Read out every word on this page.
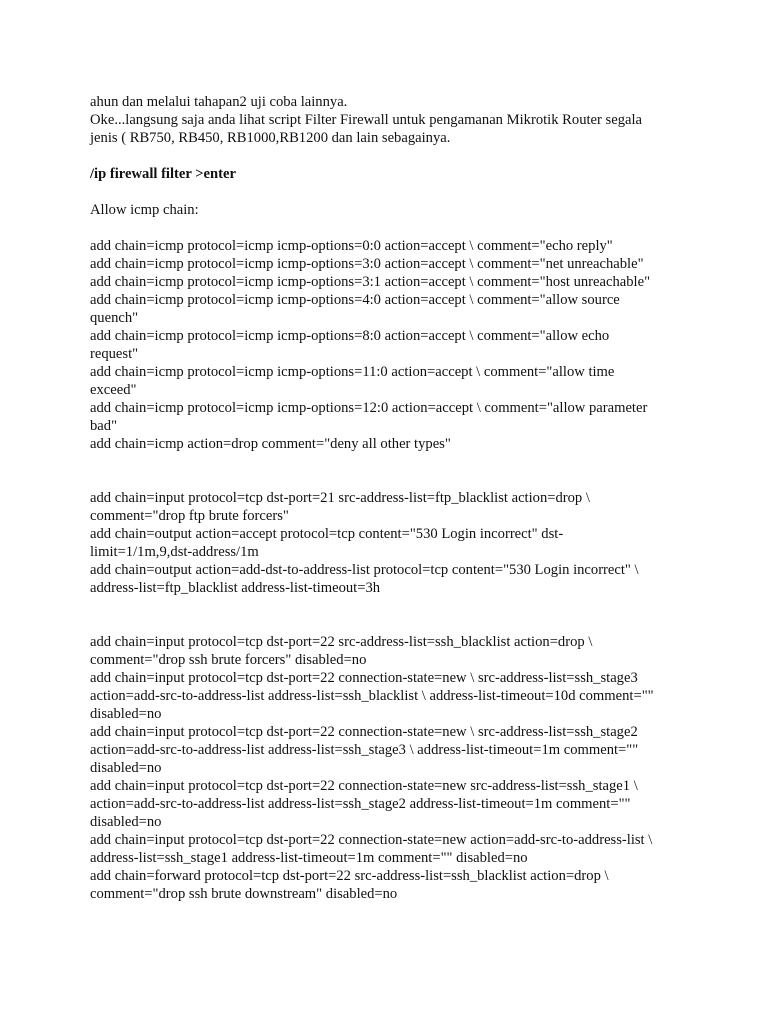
ahun dan melalui tahapan2 uji coba lainnya.
Oke...langsung saja anda lihat script Filter Firewall untuk pengamanan Mikrotik Router segala
jenis ( RB750, RB450, RB1000,RB1200 dan lain sebagainya.
/ip firewall filter >enter
Allow icmp chain:
add chain=icmp protocol=icmp icmp-options=0:0 action=accept \ comment="echo reply"
add chain=icmp protocol=icmp icmp-options=3:0 action=accept \ comment="net unreachable"
add chain=icmp protocol=icmp icmp-options=3:1 action=accept \ comment="host unreachable"
add chain=icmp protocol=icmp icmp-options=4:0 action=accept \ comment="allow source
quench"
add chain=icmp protocol=icmp icmp-options=8:0 action=accept \ comment="allow echo
request"
add chain=icmp protocol=icmp icmp-options=11:0 action=accept \ comment="allow time
exceed"
add chain=icmp protocol=icmp icmp-options=12:0 action=accept \ comment="allow parameter
bad"
add chain=icmp action=drop comment="deny all other types"
add chain=input protocol=tcp dst-port=21 src-address-list=ftp_blacklist action=drop \
comment="drop ftp brute forcers"
add chain=output action=accept protocol=tcp content="530 Login incorrect" dst-
limit=1/1m,9,dst-address/1m
add chain=output action=add-dst-to-address-list protocol=tcp content="530 Login incorrect" \
address-list=ftp_blacklist address-list-timeout=3h
add chain=input protocol=tcp dst-port=22 src-address-list=ssh_blacklist action=drop \
comment="drop ssh brute forcers" disabled=no
add chain=input protocol=tcp dst-port=22 connection-state=new \ src-address-list=ssh_stage3
action=add-src-to-address-list address-list=ssh_blacklist \ address-list-timeout=10d comment=""
disabled=no
add chain=input protocol=tcp dst-port=22 connection-state=new \ src-address-list=ssh_stage2
action=add-src-to-address-list address-list=ssh_stage3 \ address-list-timeout=1m comment=""
disabled=no
add chain=input protocol=tcp dst-port=22 connection-state=new src-address-list=ssh_stage1 \
action=add-src-to-address-list address-list=ssh_stage2 address-list-timeout=1m comment=""
disabled=no
add chain=input protocol=tcp dst-port=22 connection-state=new action=add-src-to-address-list \
address-list=ssh_stage1 address-list-timeout=1m comment="" disabled=no
add chain=forward protocol=tcp dst-port=22 src-address-list=ssh_blacklist action=drop \
comment="drop ssh brute downstream" disabled=no
